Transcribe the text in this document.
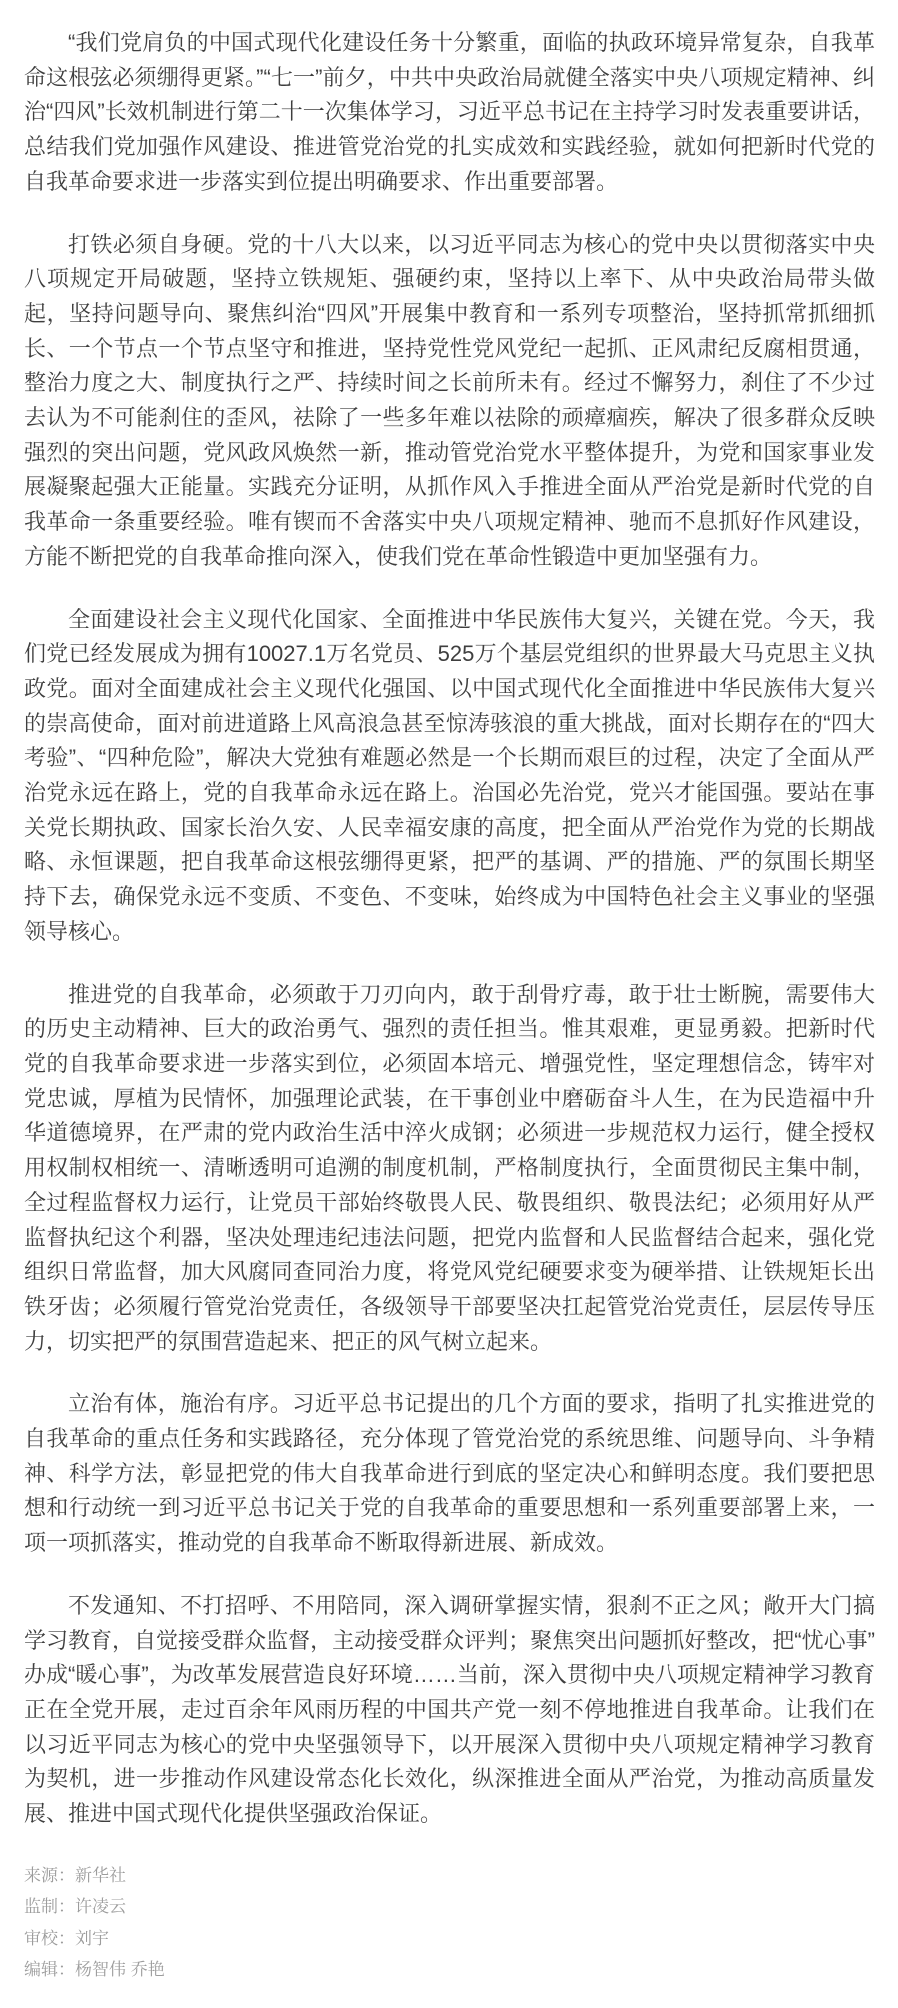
“我们党肩负的中国式现代化建设任务十分繁重，面临的执政环境异常复杂，自我革命这根弦必须绷得更紧。”“七一”前夕，中共中央政治局就健全落实中央八项规定精神、纠治“四风”长效机制进行第二十一次集体学习，习近平总书记在主持学习时发表重要讲话，总结我们党加强作风建设、推进管党治党的扎实成效和实践经验，就如何把新时代党的自我革命要求进一步落实到位提出明确要求、作出重要部署。

打铁必须自身硬。党的十八大以来，以习近平同志为核心的党中央以贯彻落实中央八项规定开局破题，坚持立铁规矩、强硬约束，坚持以上率下、从中央政治局带头做起，坚持问题导向、聚焦纠治“四风”开展集中教育和一系列专项整治，坚持抓常抓细抓长、一个节点一个节点坚守和推进，坚持党性党风党纪一起抓、正风肃纪反腐相贯通，整治力度之大、制度执行之严、持续时间之长前所未有。经过不懈努力，刹住了不少过去认为不可能刹住的歪风，祛除了一些多年难以祛除的顽瘴痼疾，解决了很多群众反映强烈的突出问题，党风政风焕然一新，推动管党治党水平整体提升，为党和国家事业发展凝聚起强大正能量。实践充分证明，从抓作风入手推进全面从严治党是新时代党的自我革命一条重要经验。唯有锲而不舍落实中央八项规定精神、驰而不息抓好作风建设，方能不断把党的自我革命推向深入，使我们党在革命性锻造中更加坚强有力。

全面建设社会主义现代化国家、全面推进中华民族伟大复兴，关键在党。今天，我们党已经发展成为拥有10027.1万名党员、525万个基层党组织的世界最大马克思主义执政党。面对全面建成社会主义现代化强国、以中国式现代化全面推进中华民族伟大复兴的崇高使命，面对前进道路上风高浪急甚至惊涛骇浪的重大挑战，面对长期存在的“四大考验”、“四种危险”，解决大党独有难题必然是一个长期而艰巨的过程，决定了全面从严治党永远在路上，党的自我革命永远在路上。治国必先治党，党兴才能国强。要站在事关党长期执政、国家长治久安、人民幸福安康的高度，把全面从严治党作为党的长期战略、永恒课题，把自我革命这根弦绷得更紧，把严的基调、严的措施、严的氛围长期坚持下去，确保党永远不变质、不变色、不变味，始终成为中国特色社会主义事业的坚强领导核心。

推进党的自我革命，必须敢于刀刃向内，敢于刮骨疗毒，敢于壮士断腕，需要伟大的历史主动精神、巨大的政治勇气、强烈的责任担当。惟其艰难，更显勇毅。把新时代党的自我革命要求进一步落实到位，必须固本培元、增强党性，坚定理想信念，铸牢对党忠诚，厚植为民情怀，加强理论武装，在干事创业中磨砺奋斗人生，在为民造福中升华道德境界，在严肃的党内政治生活中淬火成钢；必须进一步规范权力运行，健全授权用权制权相统一、清晰透明可追溯的制度机制，严格制度执行，全面贯彻民主集中制，全过程监督权力运行，让党员干部始终敬畏人民、敬畏组织、敬畏法纪；必须用好从严监督执纪这个利器，坚决处理违纪违法问题，把党内监督和人民监督结合起来，强化党组织日常监督，加大风腐同查同治力度，将党风党纪硬要求变为硬举措、让铁规矩长出铁牙齿；必须履行管党治党责任，各级领导干部要坚决扛起管党治党责任，层层传导压力，切实把严的氛围营造起来、把正的风气树立起来。

立治有体，施治有序。习近平总书记提出的几个方面的要求，指明了扎实推进党的自我革命的重点任务和实践路径，充分体现了管党治党的系统思维、问题导向、斗争精神、科学方法，彰显把党的伟大自我革命进行到底的坚定决心和鲜明态度。我们要把思想和行动统一到习近平总书记关于党的自我革命的重要思想和一系列重要部署上来，一项一项抓落实，推动党的自我革命不断取得新进展、新成效。

不发通知、不打招呼、不用陪同，深入调研掌握实情，狠刹不正之风；敞开大门搞学习教育，自觉接受群众监督，主动接受群众评判；聚焦突出问题抓好整改，把“忧心事”办成“暖心事”，为改革发展营造良好环境……当前，深入贯彻中央八项规定精神学习教育正在全党开展，走过百余年风雨历程的中国共产党一刻不停地推进自我革命。让我们在以习近平同志为核心的党中央坚强领导下，以开展深入贯彻中央八项规定精神学习教育为契机，进一步推动作风建设常态化长效化，纵深推进全面从严治党，为推动高质量发展、推进中国式现代化提供坚强政治保证。

来源：新华社

监制：许凌云

审校：刘宇

编辑：杨智伟 乔艳
